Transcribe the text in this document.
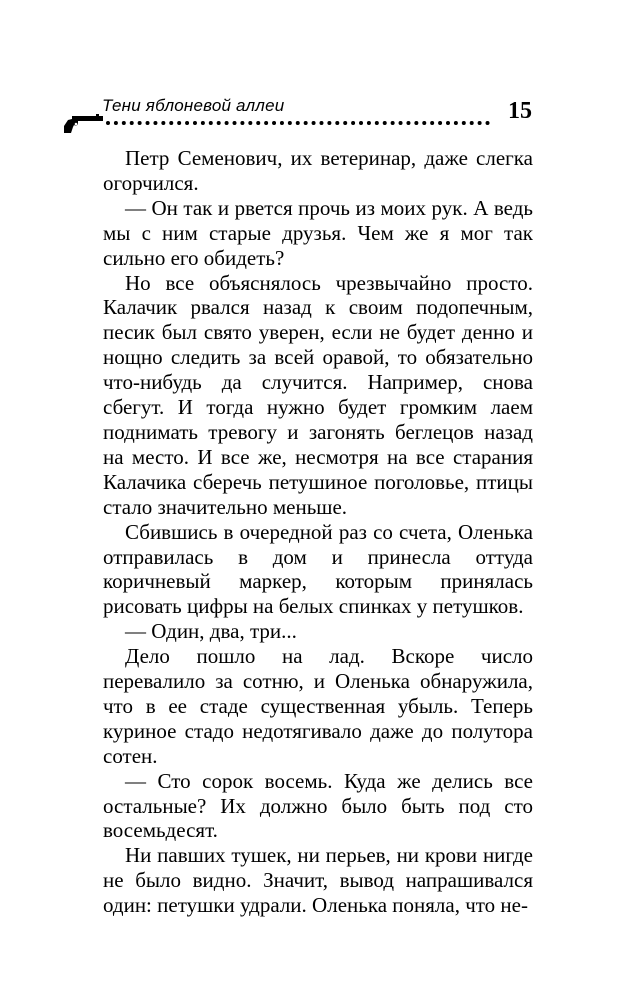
Тени яблоневой аллеи	15

Петр Семенович, их ветеринар, даже слегка огорчился.

— Он так и рвется прочь из моих рук. А ведь мы с ним старые друзья. Чем же я мог так сильно его обидеть?

Но все объяснялось чрезвычайно просто. Калачик рвался назад к своим подопечным, песик был свято уверен, если не будет денно и нощно следить за всей оравой, то обязательно что-нибудь да случится. Например, снова сбегут. И тогда нужно будет громким лаем поднимать тревогу и загонять беглецов назад на место. И все же, несмотря на все старания Калачика сберечь петушиное поголовье, птицы стало значительно меньше.

Сбившись в очередной раз со счета, Оленька отправилась в дом и принесла оттуда коричневый маркер, которым принялась рисовать цифры на белых спинках у петушков.

— Один, два, три...

Дело пошло на лад. Вскоре число перевалило за сотню, и Оленька обнаружила, что в ее стаде существенная убыль. Теперь куриное стадо недотягивало даже до полутора сотен.

— Сто сорок восемь. Куда же делись все остальные? Их должно было быть под сто восемьдесят.

Ни павших тушек, ни перьев, ни крови нигде не было видно. Значит, вывод напрашивался один: петушки удрали. Оленька поняла, что не-
